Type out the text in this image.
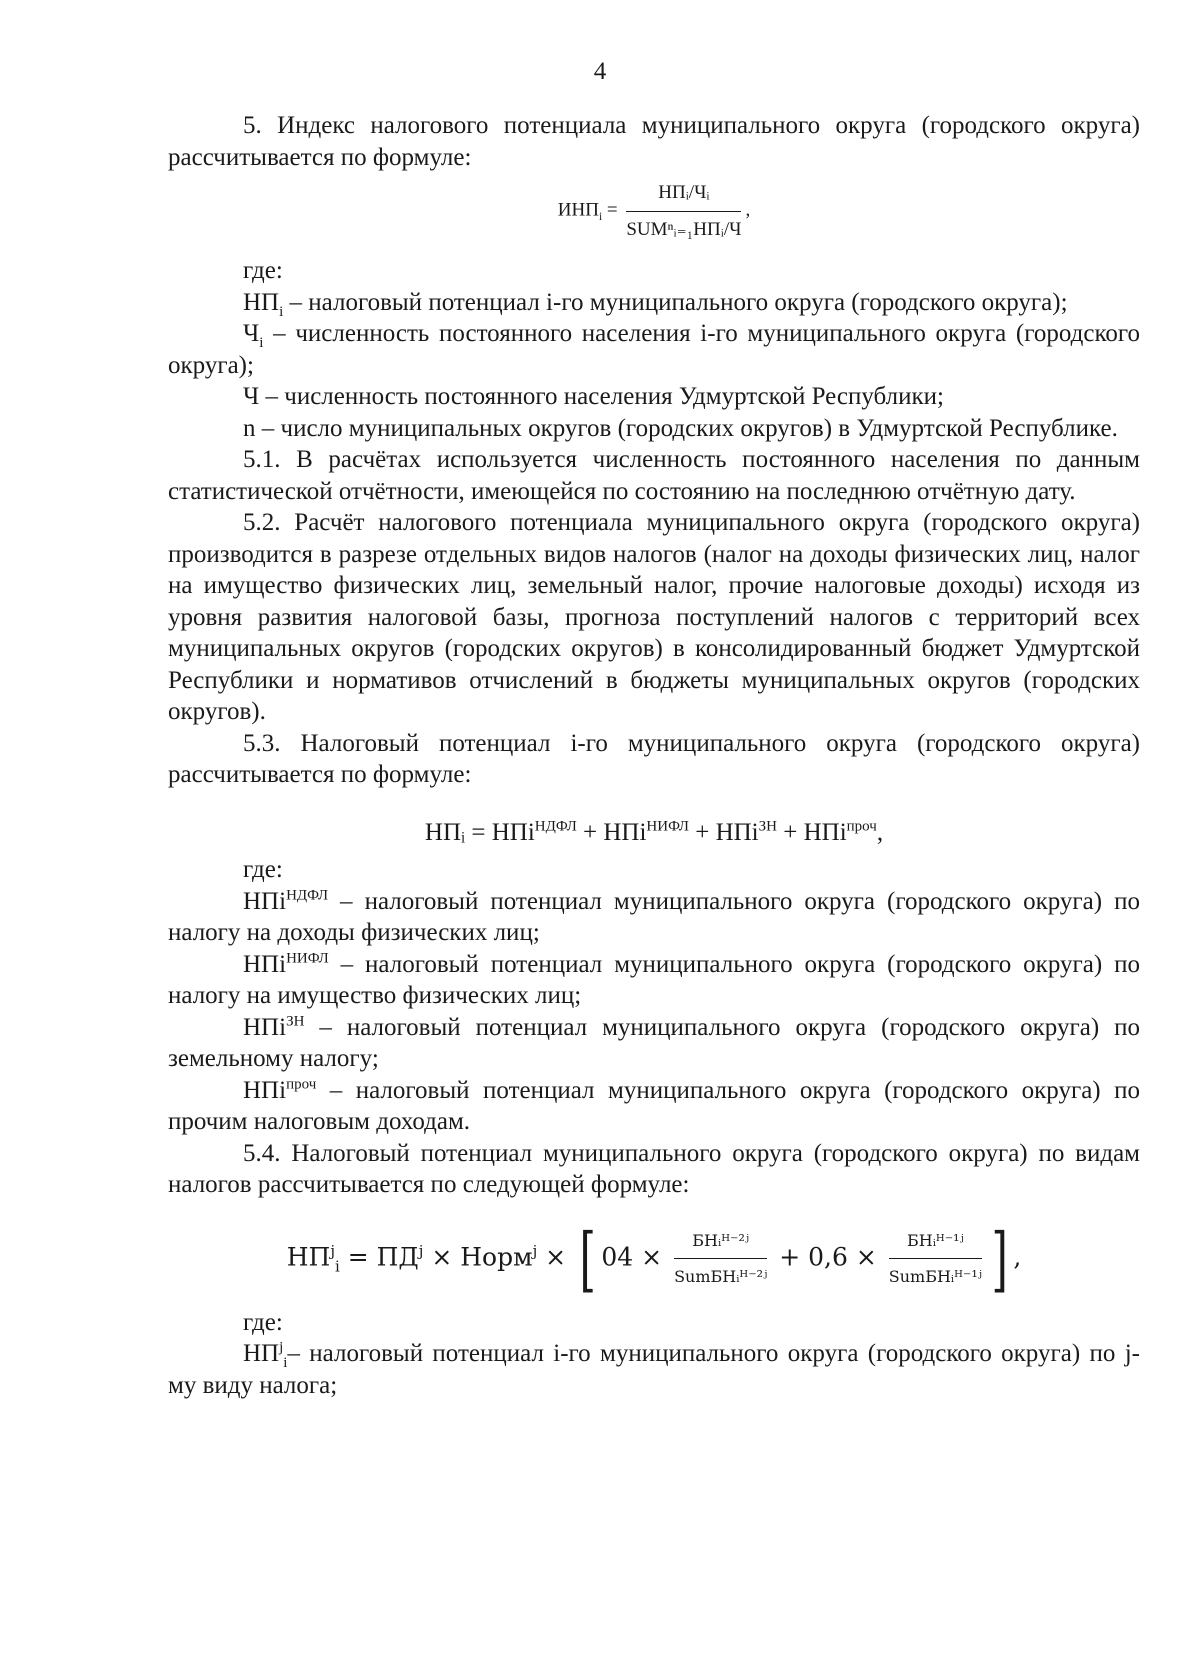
4

5. Индекс налогового потенциала муниципального округа (городского округа) рассчитывается по формуле:

$ИНП_i = \frac{\text{НПᵢ/Чᵢ}}{\text{SUMⁿᵢ₌₁НПᵢ/Ч}}$ ,

где:

$НП_i$ – налоговый потенциал i-го муниципального округа (городского округа);

$Ч_i$ – численность постоянного населения i-го муниципального округа (городского округа);

Ч – численность постоянного населения Удмуртской Республики;

n – число муниципальных округов (городских округов) в Удмуртской Республике.

5.1. В расчётах используется численность постоянного населения по данным статистической отчётности, имеющейся по состоянию на последнюю отчётную дату.

5.2. Расчёт налогового потенциала муниципального округа (городского округа) производится в разрезе отдельных видов налогов (налог на доходы физических лиц, налог на имущество физических лиц, земельный налог, прочие налоговые доходы) исходя из уровня развития налоговой базы, прогноза поступлений налогов с территорий всех муниципальных округов (городских округов) в консолидированный бюджет Удмуртской Республики и нормативов отчислений в бюджеты муниципальных округов (городских округов).

5.3. Налоговый потенциал i-го муниципального округа (городского округа) рассчитывается по формуле:

НПᵢ = НПi$^{НДФЛ}$ + НПi$^{НИФЛ}$ + НПi$^{ЗН}$ + НПi$^{проч}$,

где:

НПi$^{НДФЛ}$ – налоговый потенциал муниципального округа (городского округа) по налогу на доходы физических лиц;

НПi$^{НИФЛ}$ – налоговый потенциал муниципального округа (городского округа) по налогу на имущество физических лиц;

НПi$^{ЗН}$ – налоговый потенциал муниципального округа (городского округа) по земельному налогу;

НПi$^{проч}$ – налоговый потенциал муниципального округа (городского округа) по прочим налоговым доходам.

5.4. Налоговый потенциал муниципального округа (городского округа) по видам налогов рассчитывается по следующей формуле:

$НП^j_i = ПД^j$ × Норм$^j$ × [ $04 \times \frac{\text{БНᵢᴴ⁻²ʲ}}{\text{SumБНᵢᴴ⁻²ʲ}} + 0,6 \times \frac{\text{БНᵢᴴ⁻¹ʲ}}{\text{SumБНᵢᴴ⁻¹ʲ}}$ ] ,

где:

$НП^j_i-$ налоговый потенциал i-го муниципального округа (городского округа) по j-му виду налога;
